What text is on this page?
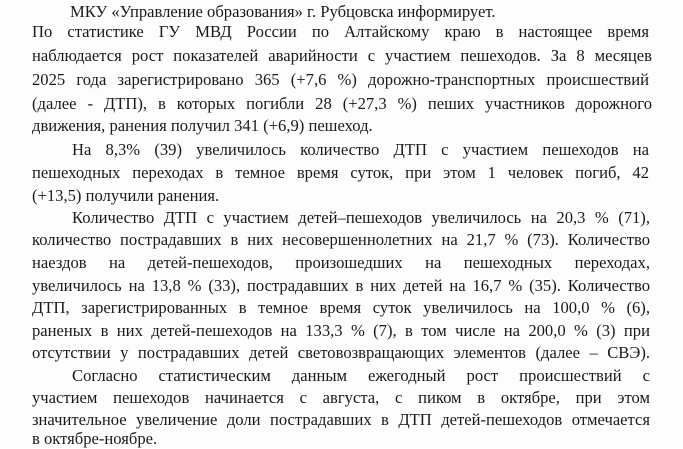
МКУ «Управление образования» г. Рубцовска информирует.
По статистике ГУ МВД России по Алтайскому краю в настоящее время
наблюдается рост показателей аварийности с участием пешеходов. За 8 месяцев
2025 года зарегистрировано 365 (+7,6 %) дорожно-транспортных происшествий
(далее - ДТП), в которых погибли 28 (+27,3 %) пеших участников дорожного
движения, ранения получил 341 (+6,9) пешеход.
На 8,3% (39) увеличилось количество ДТП с участием пешеходов на
пешеходных переходах в темное время суток, при этом 1 человек погиб, 42
(+13,5) получили ранения.
Количество ДТП с участием детей–пешеходов увеличилось на 20,3 % (71),
количество пострадавших в них несовершеннолетних на 21,7 % (73). Количество
наездов на детей-пешеходов, произошедших на пешеходных переходах,
увеличилось на 13,8 % (33), пострадавших в них детей на 16,7 % (35). Количество
ДТП, зарегистрированных в темное время суток увеличилось на 100,0 % (6),
раненых в них детей-пешеходов на 133,3 % (7), в том числе на 200,0 % (3) при
отсутствии у пострадавших детей световозвращающих элементов (далее – СВЭ).
Согласно статистическим данным ежегодный рост происшествий с
участием пешеходов начинается с августа, с пиком в октябре, при этом
значительное увеличение доли пострадавших в ДТП детей-пешеходов отмечается
в октябре-ноябре.
